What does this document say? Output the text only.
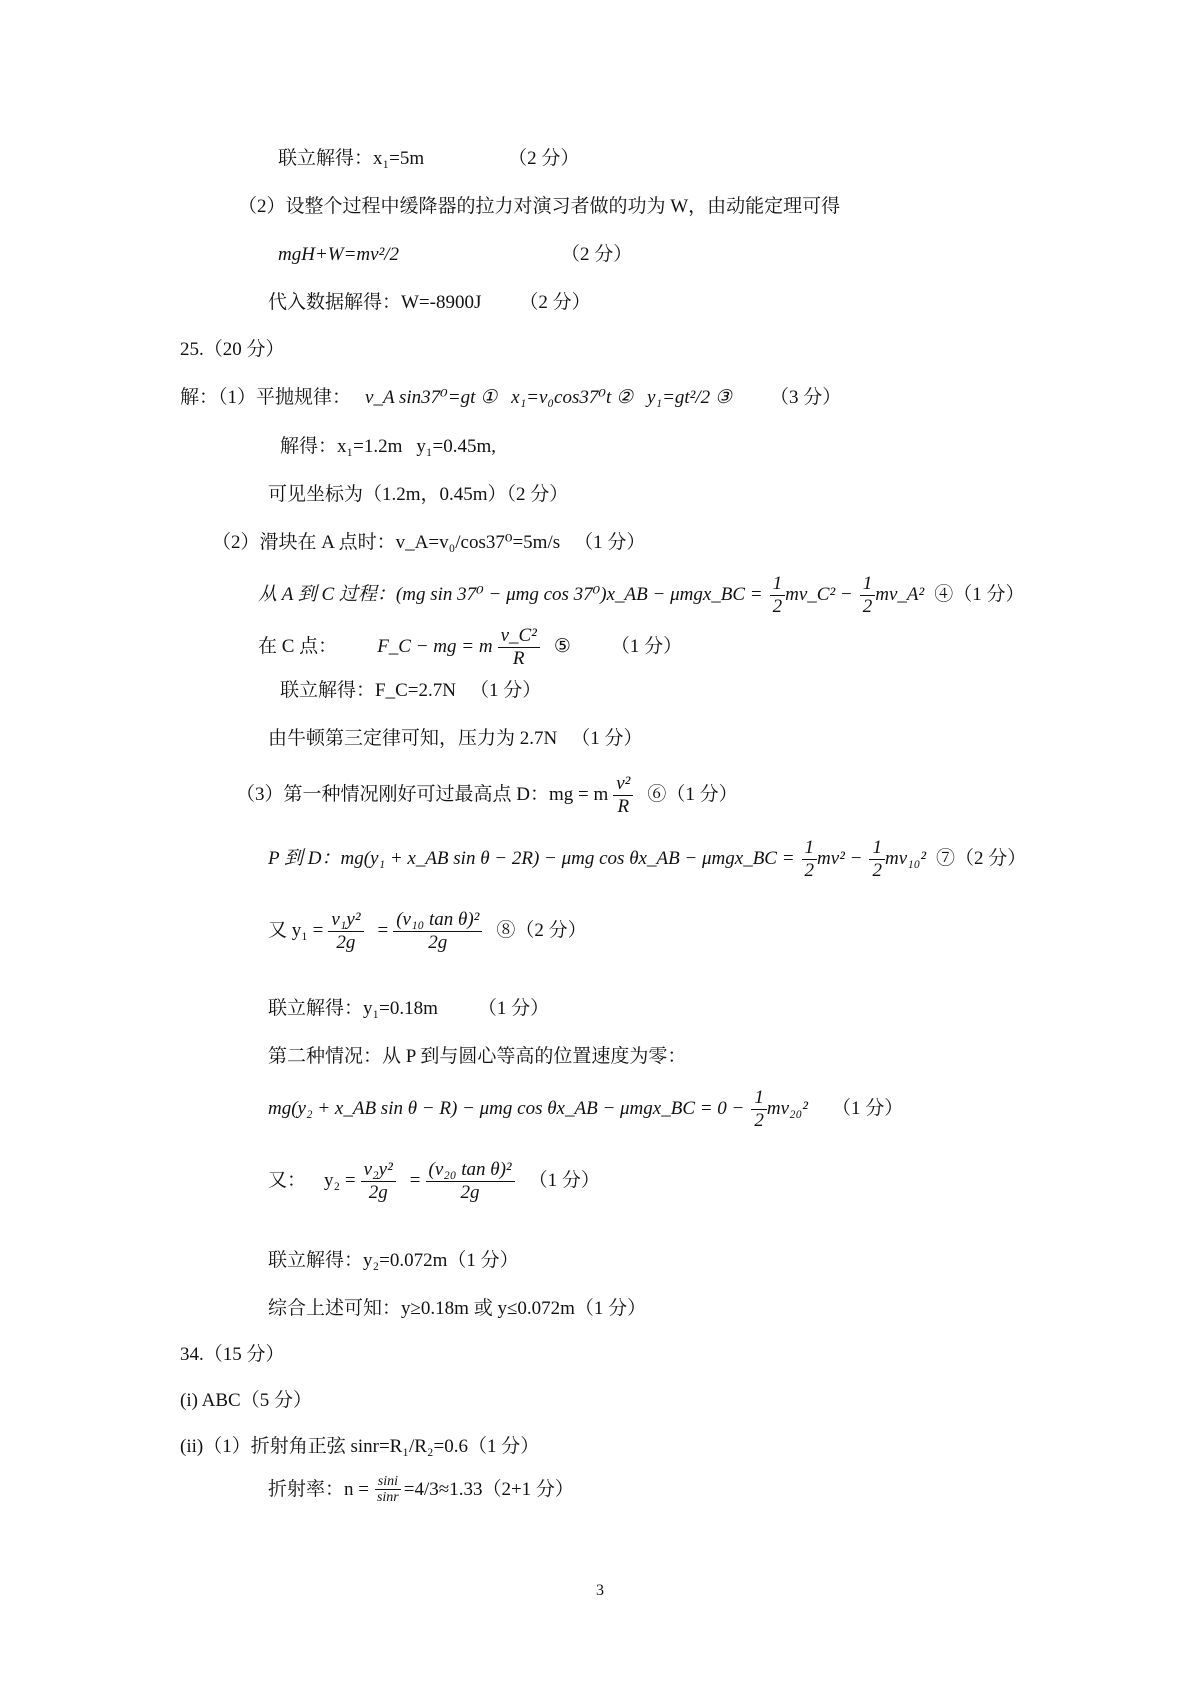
联立解得：x₁=5m	（2 分）
（2）设整个过程中缓降器的拉力对演习者做的功为 W，由动能定理可得
mgH+W=mv²/2	（2 分）
代入数据解得：W=-8900J （2 分）
25.（20 分）
解：（1）平抛规律： v_A sin37⁰=gt ① x₁=v₀cos37⁰t ② y₁=gt²/2 ③ （3 分）
解得：x₁=1.2m y₁=0.45m,
可见坐标为（1.2m，0.45m）（2 分）
（2）滑块在 A 点时：v_A=v₀/cos37⁰=5m/s （1 分）
从 A 到 C 过程：(mg sin 37⁰ − μmg cos 37⁰)x_AB − μmgx_BC = $\frac{1}{2}$ mv_C² − $\frac{1}{2}$ mv_A² ④（1 分）
在 C 点： F_C − mg = m $\frac{\text{v\_C²}}{R}$ ⑤ （1 分）
联立解得：F_C=2.7N （1 分）
由牛顿第三定律可知，压力为 2.7N （1 分）
（3）第一种情况刚好可过最高点 D：mg = m $\frac{\text{v²}}{R}$ ⑥（1 分）
P 到 D：mg(y₁ + x_AB sin θ − 2R) − μmg cos θx_AB − μmgx_BC = $\frac{1}{2} mv^2 - \frac{1}{2} mv_{10}^2$ ⑦（2 分）
又 $y_1 = \frac{\text{v₁y²}}{2g} = \frac{\text{(v₁₀ tan θ)²}}{2g}$ ⑧（2 分）
联立解得：y₁=0.18m （1 分）
第二种情况：从 P 到与圆心等高的位置速度为零：
mg(y₂ + x_AB sin θ − R) − μmg cos θx_AB − μmgx_BC = $0 - \frac{1}{2} mv_{20}^2$ （1 分）
又： $y_2 = \frac{\text{v₂y²}}{2g} = \frac{\text{(v₂₀ tan θ)²}}{2g} (1$ 分）
联立解得：y₂=0.072m（1 分）
综合上述可知：y≥0.18m 或 y≤0.072m（1 分）
34.（15 分）
(i) ABC（5 分）
(ii)（1）折射角正弦 sinr=R₁/R₂=0.6（1 分）
折射率：$n = \frac{\sin i}{\sin r} =4/3\approx 1.33(2+1$ 分）
3
